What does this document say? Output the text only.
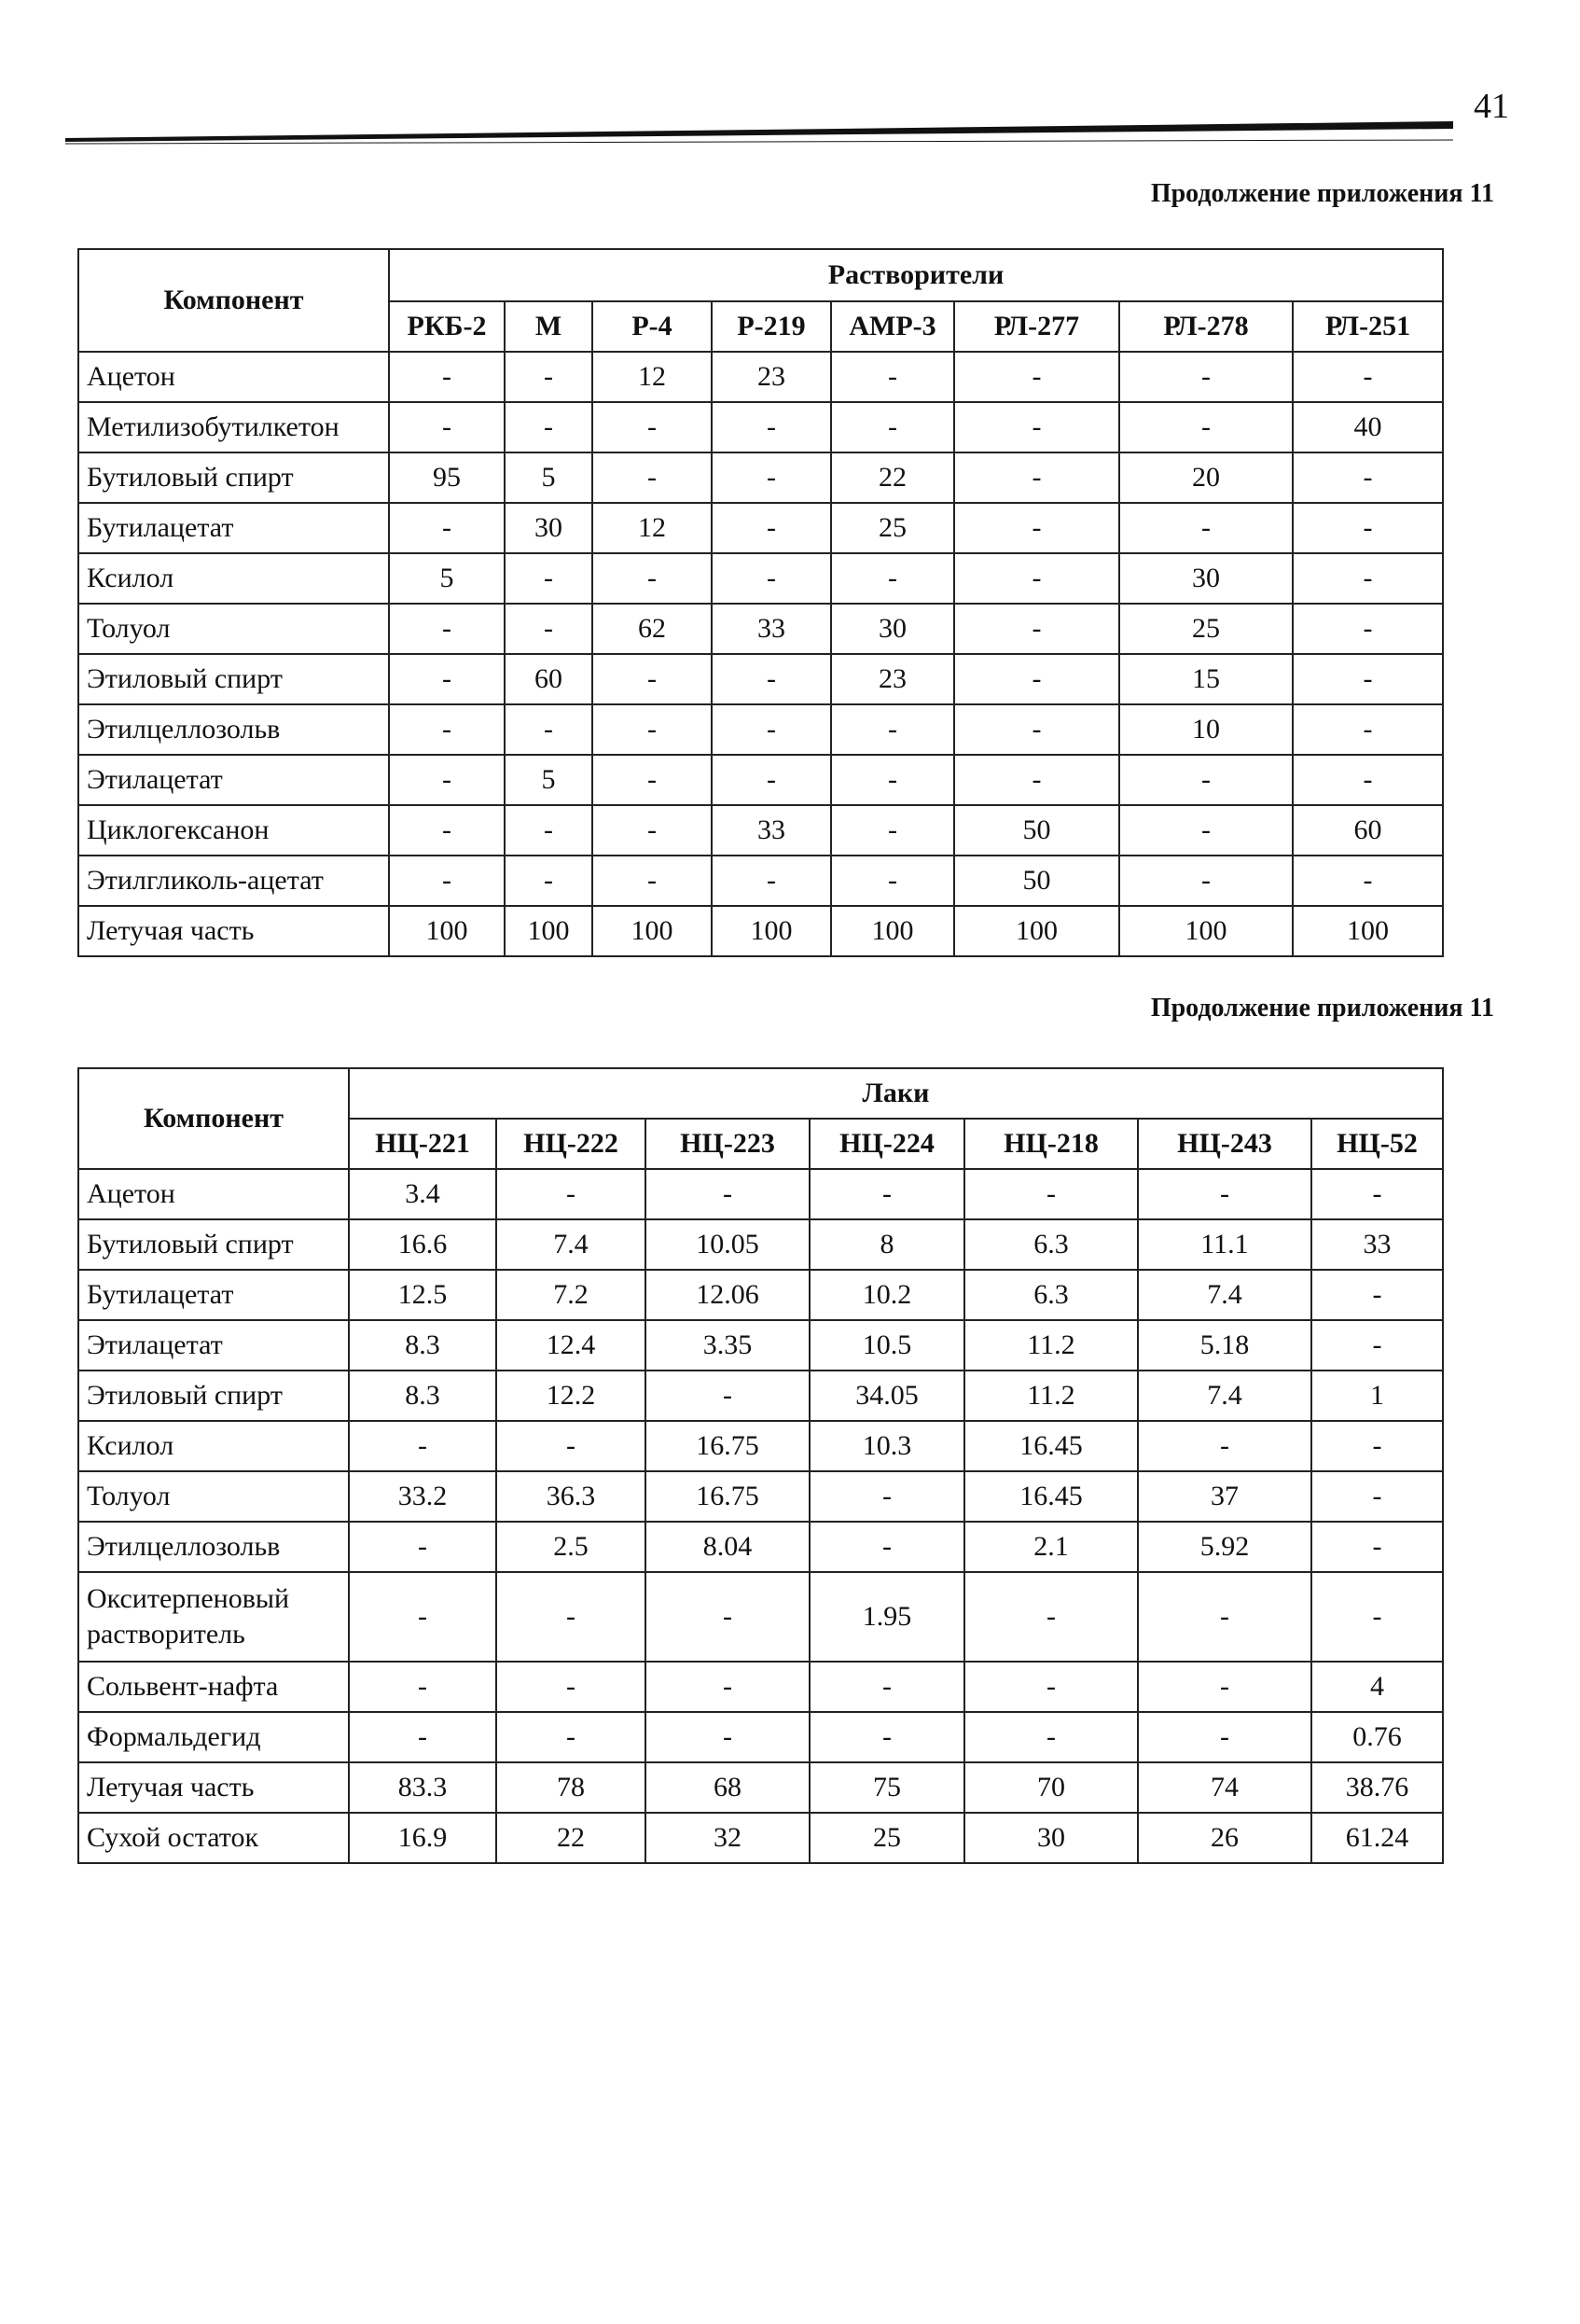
41
Продолжение приложения 11
Компонент	Растворители							
	РКБ-2	М	Р-4	Р-219	АМР-3	РЛ-277	РЛ-278	РЛ-251
Ацетон	-	-	12	23	-	-	-	-
Метилизобутилкетон	-	-	-	-	-	-	-	40
Бутиловый спирт	95	5	-	-	22	-	20	-
Бутилацетат	-	30	12	-	25	-	-	-
Ксилол	5	-	-	-	-	-	30	-
Толуол	-	-	62	33	30	-	25	-
Этиловый спирт	-	60	-	-	23	-	15	-
Этилцеллозольв	-	-	-	-	-	-	10	-
Этилацетат	-	5	-	-	-	-	-	-
Циклогексанон	-	-	-	33	-	50	-	60
Этилгликоль-ацетат	-	-	-	-	-	50	-	-
Летучая часть	100	100	100	100	100	100	100	100
Продолжение приложения 11
Компонент	Лаки						
	НЦ-221	НЦ-222	НЦ-223	НЦ-224	НЦ-218	НЦ-243	НЦ-52
Ацетон	3.4	-	-	-	-	-	-
Бутиловый спирт	16.6	7.4	10.05	8	6.3	11.1	33
Бутилацетат	12.5	7.2	12.06	10.2	6.3	7.4	-
Этилацетат	8.3	12.4	3.35	10.5	11.2	5.18	-
Этиловый спирт	8.3	12.2	-	34.05	11.2	7.4	1
Ксилол	-	-	16.75	10.3	16.45	-	-
Толуол	33.2	36.3	16.75	-	16.45	37	-
Этилцеллозольв	-	2.5	8.04	-	2.1	5.92	-
Окситерпеновый растворитель	-	-	-	1.95	-	-	-
Сольвент-нафта	-	-	-	-	-	-	4
Формальдегид	-	-	-	-	-	-	0.76
Летучая часть	83.3	78	68	75	70	74	38.76
Сухой остаток	16.9	22	32	25	30	26	61.24
